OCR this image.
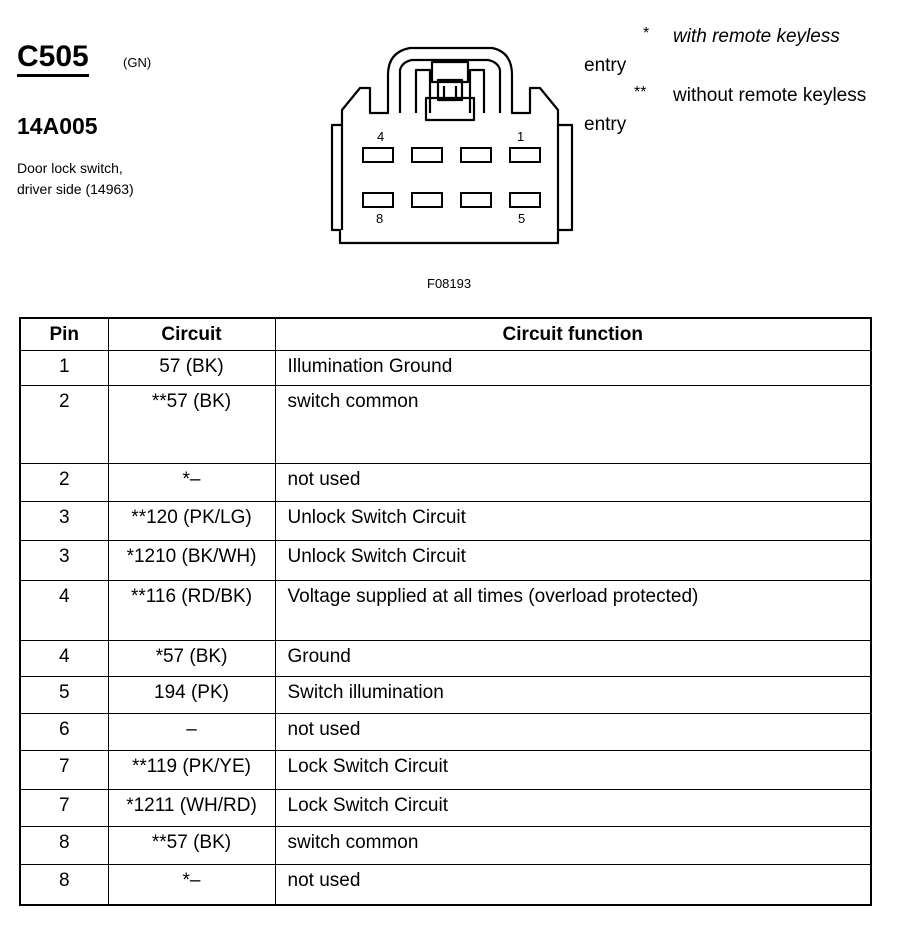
C505	(GN)
14A005
Door lock switch,
driver side (14963)
* with remote keyless
entry
** without remote keyless
entry
4	1
8	5
F08193
Pin	Circuit	Circuit function
1	57 (BK)	Illumination Ground
2	**57 (BK)	switch common
2	*–	not used
3	**120 (PK/LG)	Unlock Switch Circuit
3	*1210 (BK/WH)	Unlock Switch Circuit
4	**116 (RD/BK)	Voltage supplied at all times (overload protected)
4	*57 (BK)	Ground
5	194 (PK)	Switch illumination
6	–	not used
7	**119 (PK/YE)	Lock Switch Circuit
7	*1211 (WH/RD)	Lock Switch Circuit
8	**57 (BK)	switch common
8	*–	not used
